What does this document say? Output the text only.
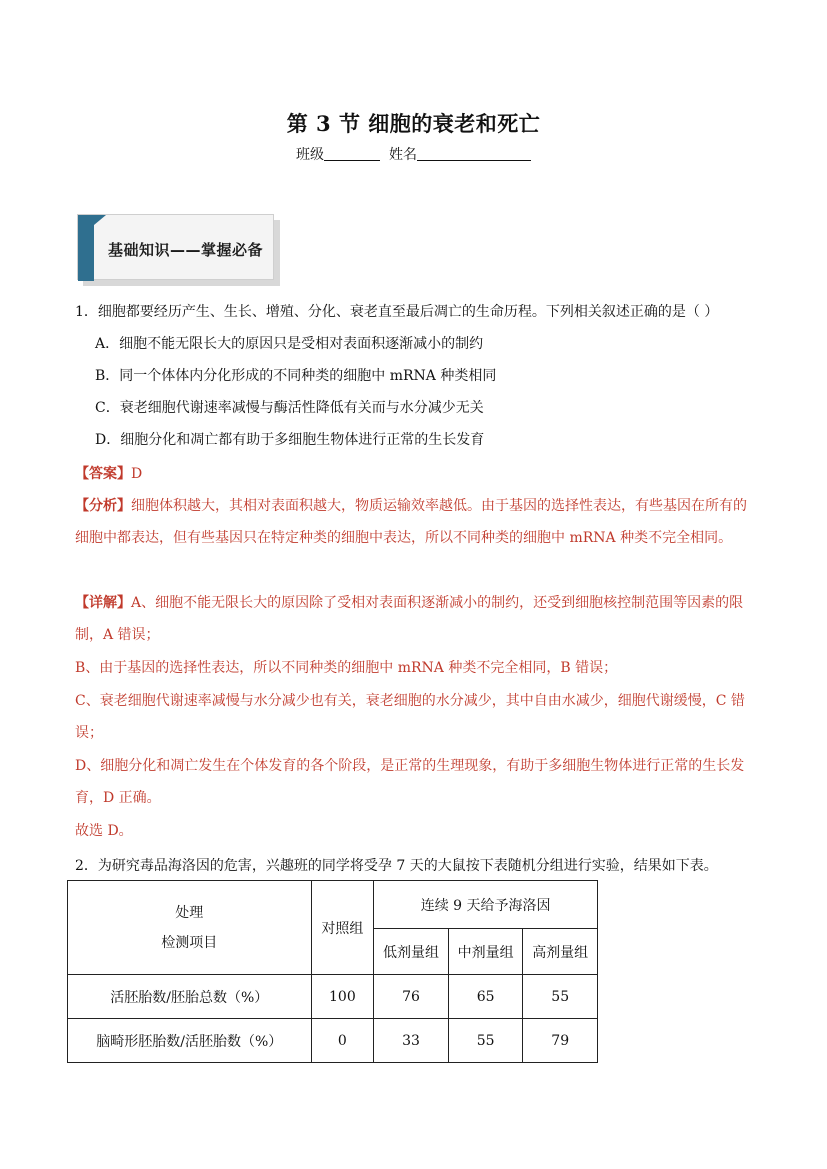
第 3 节 细胞的衰老和死亡
班级	姓名
基础知识——掌握必备
1．细胞都要经历产生、生长、增殖、分化、衰老直至最后凋亡的生命历程。下列相关叙述正确的是（ ）
A．细胞不能无限长大的原因只是受相对表面积逐渐减小的制约
B．同一个体体内分化形成的不同种类的细胞中 mRNA 种类相同
C．衰老细胞代谢速率减慢与酶活性降低有关而与水分减少无关
D．细胞分化和凋亡都有助于多细胞生物体进行正常的生长发育
【答案】D
【分析】细胞体积越大，其相对表面积越大，物质运输效率越低。由于基因的选择性表达，有些基因在所有的细胞中都表达，但有些基因只在特定种类的细胞中表达，所以不同种类的细胞中 mRNA 种类不完全相同。
【详解】A、细胞不能无限长大的原因除了受相对表面积逐渐减小的制约，还受到细胞核控制范围等因素的限制，A 错误；
B、由于基因的选择性表达，所以不同种类的细胞中 mRNA 种类不完全相同，B 错误；
C、衰老细胞代谢速率减慢与水分减少也有关，衰老细胞的水分减少，其中自由水减少，细胞代谢缓慢，C 错误；
D、细胞分化和凋亡发生在个体发育的各个阶段，是正常的生理现象，有助于多细胞生物体进行正常的生长发育，D 正确。
故选 D。
2．为研究毒品海洛因的危害，兴趣班的同学将受孕 7 天的大鼠按下表随机分组进行实验，结果如下表。
处理
检测项目	对照组	连续 9 天给予海洛因		
		低剂量组	中剂量组	高剂量组
活胚胎数/胚胎总数（%）	100	76	65	55
脑畸形胚胎数/活胚胎数（%）	0	33	55	79
